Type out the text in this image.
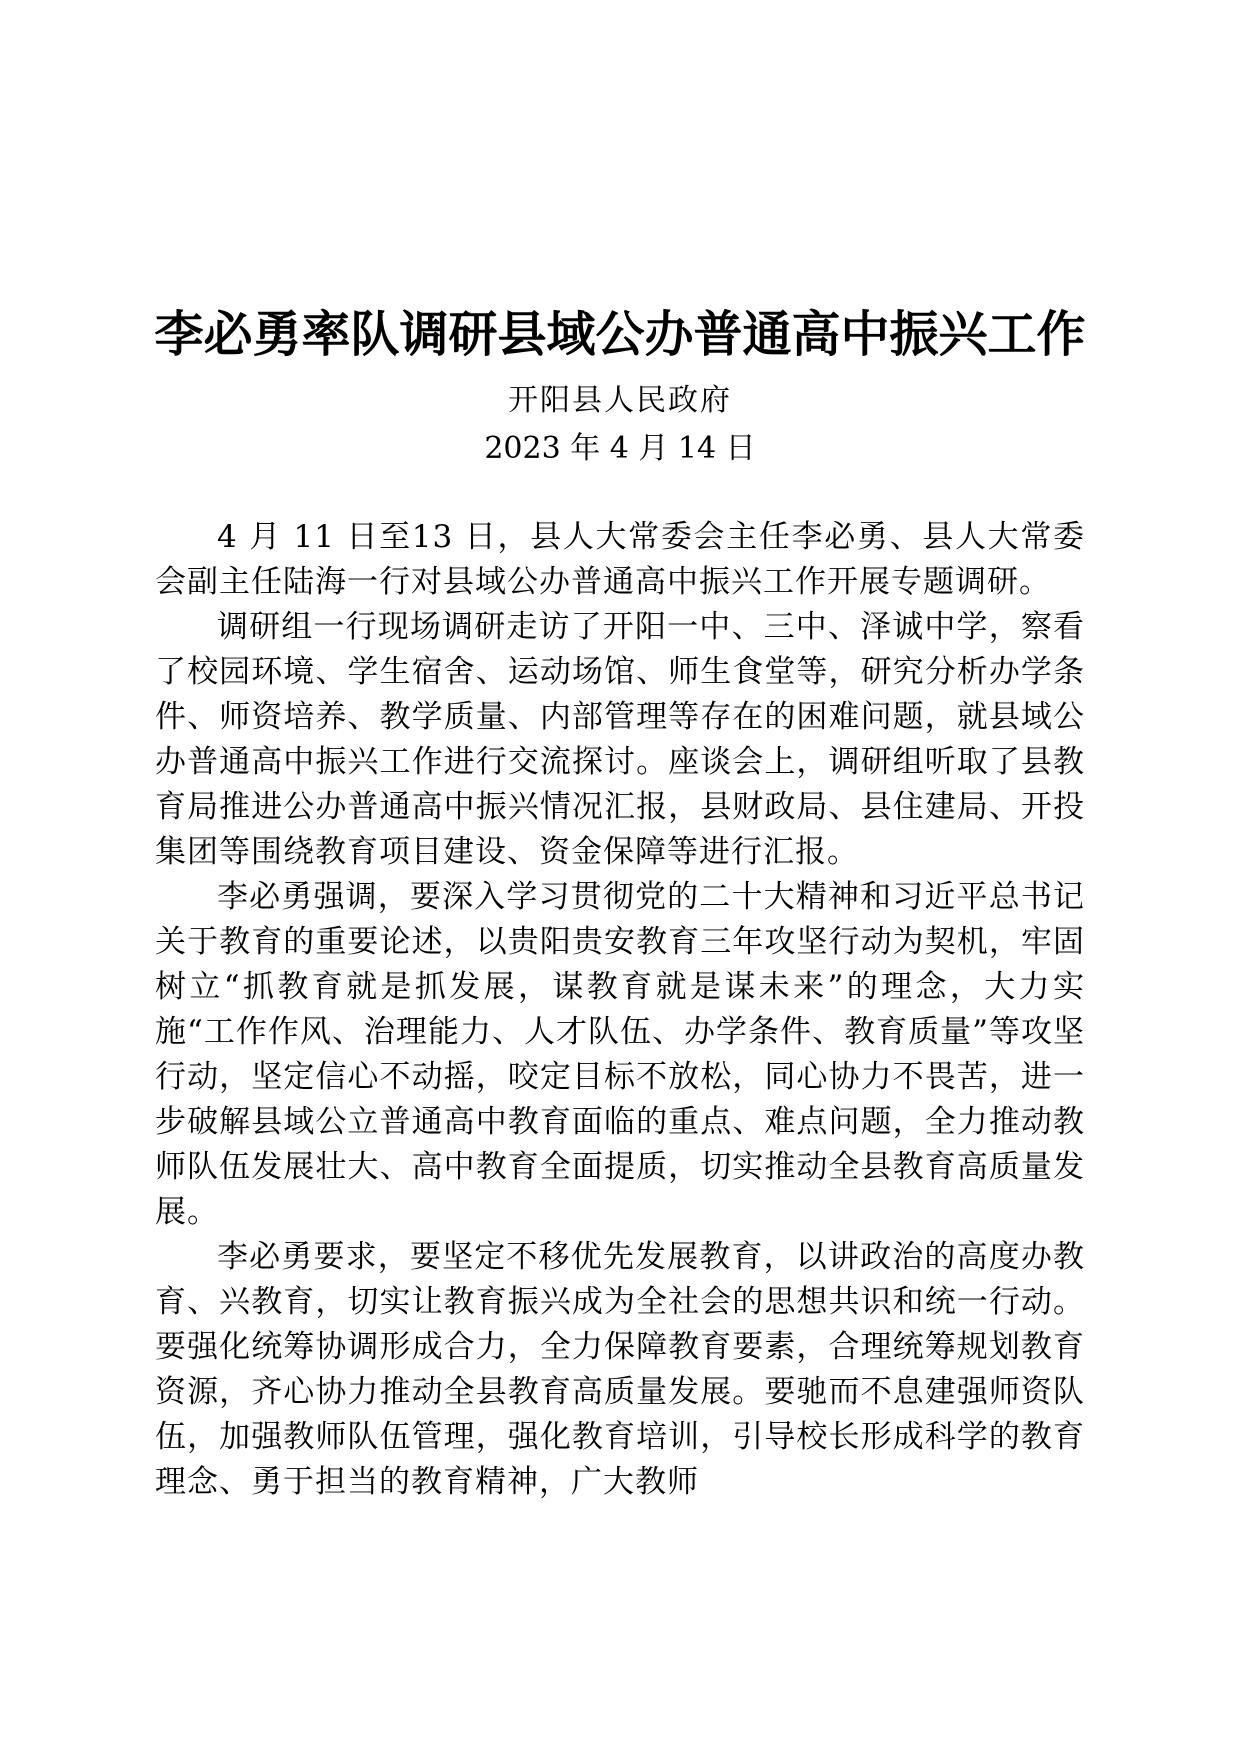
李必勇率队调研县域公办普通高中振兴工作
开阳县人民政府
2023 年 4 月 14 日

4 月 11 日至13 日，县人大常委会主任李必勇、县人大常委会副主任陆海一行对县域公办普通高中振兴工作开展专题调研。

调研组一行现场调研走访了开阳一中、三中、泽诚中学，察看了校园环境、学生宿舍、运动场馆、师生食堂等，研究分析办学条件、师资培养、教学质量、内部管理等存在的困难问题，就县域公办普通高中振兴工作进行交流探讨。座谈会上，调研组听取了县教育局推进公办普通高中振兴情况汇报，县财政局、县住建局、开投集团等围绕教育项目建设、资金保障等进行汇报。

李必勇强调，要深入学习贯彻党的二十大精神和习近平总书记关于教育的重要论述，以贵阳贵安教育三年攻坚行动为契机，牢固树立“抓教育就是抓发展，谋教育就是谋未来”的理念，大力实施“工作作风、治理能力、人才队伍、办学条件、教育质量”等攻坚行动，坚定信心不动摇，咬定目标不放松，同心协力不畏苦，进一步破解县域公立普通高中教育面临的重点、难点问题，全力推动教师队伍发展壮大、高中教育全面提质，切实推动全县教育高质量发展。

李必勇要求，要坚定不移优先发展教育，以讲政治的高度办教育、兴教育，切实让教育振兴成为全社会的思想共识和统一行动。要强化统筹协调形成合力，全力保障教育要素，合理统筹规划教育资源，齐心协力推动全县教育高质量发展。要驰而不息建强师资队伍，加强教师队伍管理，强化教育培训，引导校长形成科学的教育理念、勇于担当的教育精神，广大教师
